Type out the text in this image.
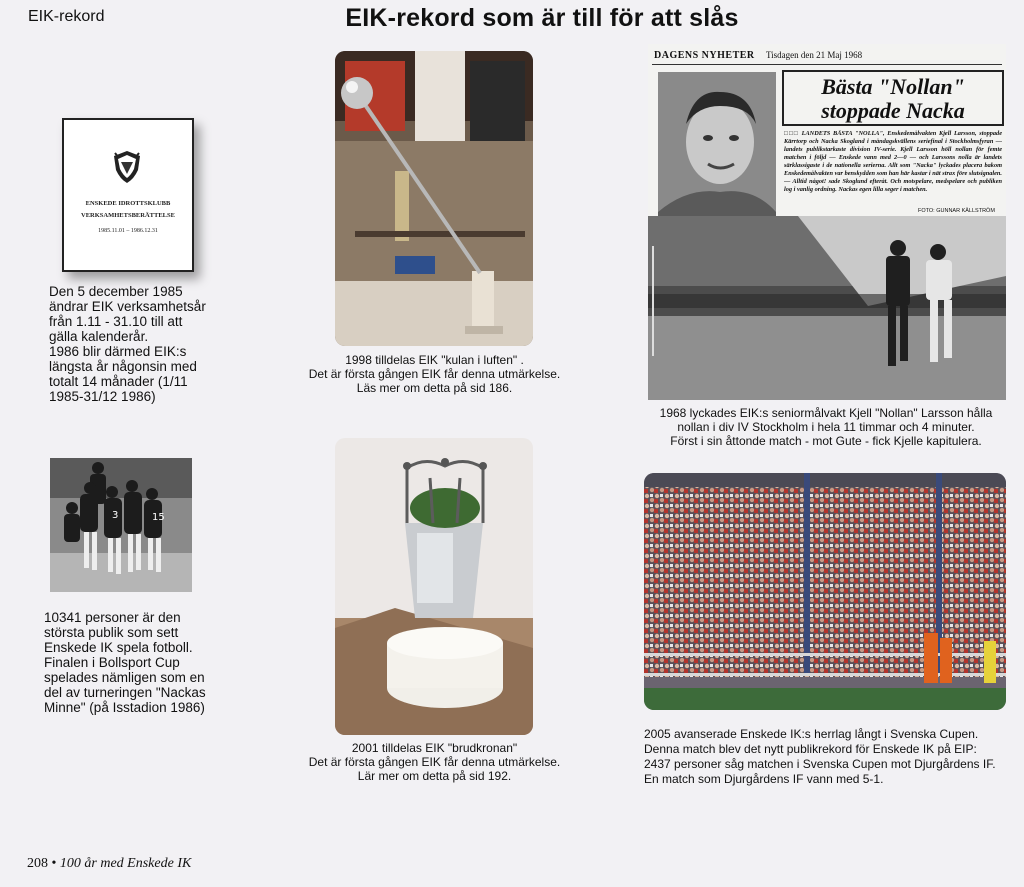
EIK-rekord	EIK-rekord som är till för att slås
ENSKEDE IDROTTSKLUBB
VERKSAMHETSBERÄTTELSE
1985.11.01 – 1986.12.31
Den 5 december 1985
ändrar EIK verksamhetsår
från 1.11 - 31.10 till att
gälla kalenderår.
1986 blir därmed EIK:s
längsta år någonsin med
totalt 14 månader (1/11
1985-31/12 1986)
3	15
10341 personer är den
största publik som sett
Enskede IK spela fotboll.
Finalen i Bollsport Cup
spelades nämligen som en
del av turneringen "Nackas
Minne" (på Isstadion 1986)
1998 tilldelas EIK "kulan i luften" .
Det är första gången EIK får denna utmärkelse.
Läs mer om detta på sid 186.
2001 tilldelas EIK "brudkronan"
Det är första gången EIK får denna utmärkelse.
Lär mer om detta på sid 192.
DAGENS NYHETER Tisdagen den 21 Maj 1968
Bästa "Nollan"
stoppade Nacka
□□□ LANDETS BÄSTA "NOLLA", Enskedemålvakten Kjell Larsson, stoppade Kärrtorp och Nacka Skogland i måndagskvällens seriefinal i Stockholmsfyran — landets publikstarkaste division IV-serie. Kjell Larsson höll nollan för femte matchen i följd — Enskede vann med 2—0 — och Larssons nolla är landets särklassigaste i de nationella serierna. Allt som "Nacka" lyckades placera bakom Enskedemålvakten var benskydden som han här kastar i nät strax före slutsignalen. — Alltid något! sade Skoglund efteråt. Och motspelare, medspelare och publiken log i vanlig ordning. Nackas egen lilla seger i matchen.
FOTO: GUNNAR KÄLLSTRÖM
1968 lyckades EIK:s seniormålvakt Kjell "Nollan" Larsson hålla
nollan i div IV Stockholm i hela 11 timmar och 4 minuter.
Först i sin åttonde match - mot Gute - fick Kjelle kapitulera.
2005 avanserade Enskede IK:s herrlag långt i Svenska Cupen.
Denna match blev det nytt publikrekord för Enskede IK på EIP:
2437 personer såg matchen i Svenska Cupen mot Djurgårdens IF.
En match som Djurgårdens IF vann med 5-1.
208 • 100 år med Enskede IK
